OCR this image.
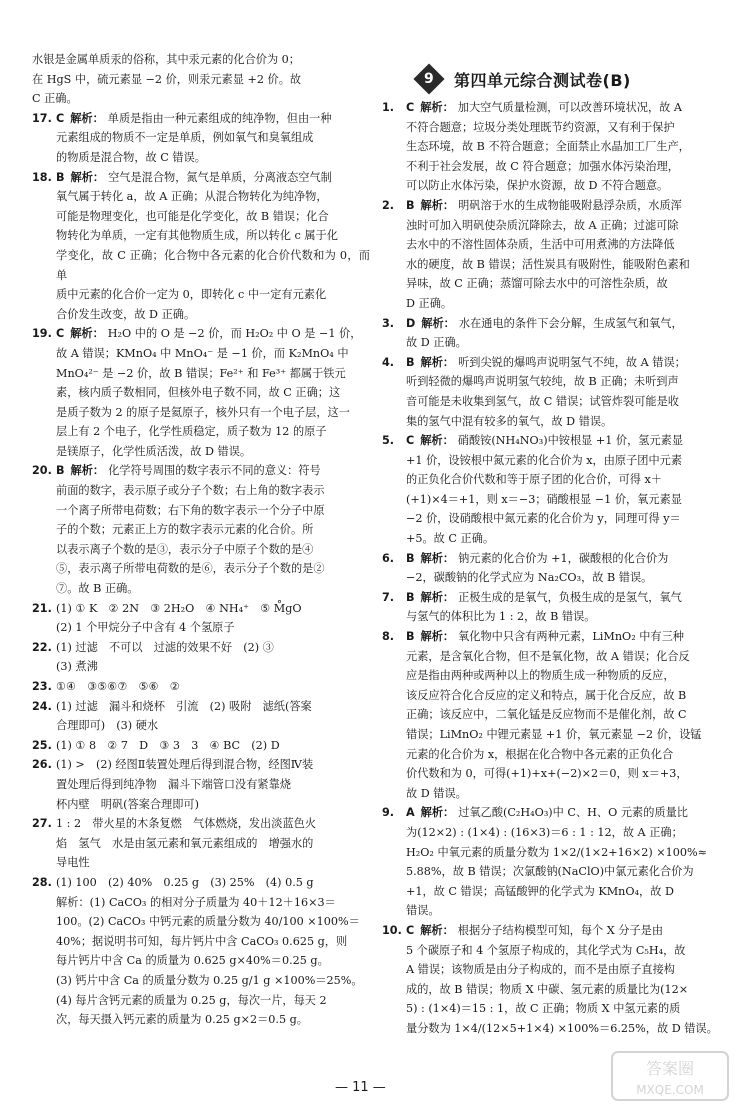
水银是金属单质汞的俗称，其中汞元素的化合价为 0；
在 HgS 中，硫元素显 −2 价，则汞元素显 +2 价。故
C 正确。
17. C 解析： 单质是指由一种元素组成的纯净物，但由一种
元素组成的物质不一定是单质，例如氧气和臭氧组成
的物质是混合物，故 C 错误。
18. B 解析： 空气是混合物，氮气是单质，分离液态空气制
氧气属于转化 a，故 A 正确；从混合物转化为纯净物，
可能是物理变化，也可能是化学变化，故 B 错误；化合
物转化为单质，一定有其他物质生成，所以转化 c 属于化
学变化，故 C 正确；化合物中各元素的化合价代数和为 0，而单
质中元素的化合价一定为 0，即转化 c 中一定有元素化
合价发生改变，故 D 正确。
19. C 解析： H₂O 中的 O 是 −2 价，而 H₂O₂ 中 O 是 −1 价，
故 A 错误；KMnO₄ 中 MnO₄⁻ 是 −1 价，而 K₂MnO₄ 中
MnO₄²⁻ 是 −2 价，故 B 错误；Fe²⁺ 和 Fe³⁺ 都属于铁元
素，核内质子数相同，但核外电子数不同，故 C 正确；这
是质子数为 2 的原子是氦原子，核外只有一个电子层，这一
层上有 2 个电子，化学性质稳定，质子数为 12 的原子
是镁原子，化学性质活泼，故 D 错误。
20. B 解析： 化学符号周围的数字表示不同的意义：符号
前面的数字，表示原子或分子个数；右上角的数字表示
一个离子所带电荷数；右下角的数字表示一个分子中原
子的个数；元素正上方的数字表示元素的化合价。所
以表示离子个数的是③，表示分子中原子个数的是④
⑤，表示离子所带电荷数的是⑥，表示分子个数的是②
⑦。故 B 正确。
21. (1) ① K　② 2N　③ 2H₂O　④ NH₄⁺　⑤ M̊gO
(2) 1 个甲烷分子中含有 4 个氢原子
22. (1) 过滤　不可以　过滤的效果不好　(2) ③
(3) 煮沸
23. ①④　③⑤⑥⑦　⑤⑥　②
24. (1) 过滤　漏斗和烧杯　引流　(2) 吸附　滤纸(答案
合理即可)　(3) 硬水
25. (1) ① 8　② 7　D　③ 3　3　④ BC　(2) D
26. (1) >　(2) 经图Ⅱ装置处理后得到混合物，经图Ⅳ装
置处理后得到纯净物　漏斗下端管口没有紧靠烧
杯内壁　明矾(答案合理即可)
27. 1 : 2　带火星的木条复燃　气体燃烧，发出淡蓝色火
焰　氢气　水是由氢元素和氧元素组成的　增强水的
导电性
28. (1) 100　(2) 40%　0.25 g　(3) 25%　(4) 0.5 g
解析：(1) CaCO₃ 的相对分子质量为 40＋12＋16×3＝
100。(2) CaCO₃ 中钙元素的质量分数为 40/100 ×100%＝
40%；据说明书可知，每片钙片中含 CaCO₃ 0.625 g，则
每片钙片中含 Ca 的质量为 0.625 g×40%＝0.25 g。
(3) 钙片中含 Ca 的质量分数为 0.25 g/1 g ×100%＝25%。
(4) 每片含钙元素的质量为 0.25 g，每次一片，每天 2
次，每天摄入钙元素的质量为 0.25 g×2＝0.5 g。
9 第四单元综合测试卷(B)
1.	C 解析： 加大空气质量检测，可以改善环境状况，故 A
不符合题意；垃圾分类处理既节约资源，又有利于保护
生态环境，故 B 不符合题意；全面禁止水晶加工厂生产，
不利于社会发展，故 C 符合题意；加强水体污染治理，
可以防止水体污染，保护水资源，故 D 不符合题意。
2.	B 解析： 明矾溶于水的生成物能吸附悬浮杂质，水质浑
浊时可加入明矾使杂质沉降除去，故 A 正确；过滤可除
去水中的不溶性固体杂质，生活中可用煮沸的方法降低
水的硬度，故 B 错误；活性炭具有吸附性，能吸附色素和
异味，故 C 正确；蒸馏可除去水中的可溶性杂质，故
D 正确。
3.	D 解析： 水在通电的条件下会分解，生成氢气和氧气，
故 D 正确。
4.	B 解析： 听到尖锐的爆鸣声说明氢气不纯，故 A 错误；
听到轻微的爆鸣声说明氢气较纯，故 B 正确；未听到声
音可能是未收集到氢气，故 C 错误；试管炸裂可能是收
集的氢气中混有较多的氧气，故 D 错误。
5.	C 解析： 硝酸铵(NH₄NO₃)中铵根显 +1 价，氢元素显
+1 价，设铵根中氮元素的化合价为 x，由原子团中元素
的正负化合价代数和等于原子团的化合价，可得 x＋
(+1)×4＝+1，则 x＝−3；硝酸根显 −1 价，氧元素显
−2 价，设硝酸根中氮元素的化合价为 y，同理可得 y＝
+5。故 C 正确。
6.	B 解析： 钠元素的化合价为 +1，碳酸根的化合价为
−2，碳酸钠的化学式应为 Na₂CO₃，故 B 错误。
7.	B 解析： 正极生成的是氧气，负极生成的是氢气，氧气
与氢气的体积比为 1 : 2，故 B 错误。
8.	B 解析： 氧化物中只含有两种元素，LiMnO₂ 中有三种
元素，是含氧化合物，但不是氧化物，故 A 错误；化合反
应是指由两种或两种以上的物质生成一种物质的反应，
该反应符合化合反应的定义和特点，属于化合反应，故 B
正确；该反应中，二氧化锰是反应物而不是催化剂，故 C
错误；LiMnO₂ 中锂元素显 +1 价，氧元素显 −2 价，设锰
元素的化合价为 x，根据在化合物中各元素的正负化合
价代数和为 0，可得(+1)+x+(−2)×2＝0，则 x＝+3，
故 D 错误。
9.	A 解析： 过氧乙酸(C₂H₄O₃)中 C、H、O 元素的质量比
为(12×2) : (1×4) : (16×3)＝6 : 1 : 12，故 A 正确；
H₂O₂ 中氧元素的质量分数为 1×2/(1×2+16×2) ×100%≈
5.88%，故 B 错误；次氯酸钠(NaClO)中氯元素化合价为
+1，故 C 错误；高锰酸钾的化学式为 KMnO₄，故 D
错误。
10. C 解析： 根据分子结构模型可知，每个 X 分子是由
5 个碳原子和 4 个氢原子构成的，其化学式为 C₅H₄，故
A 错误；该物质是由分子构成的，而不是由原子直接构
成的，故 B 错误；物质 X 中碳、氢元素的质量比为(12×
5) : (1×4)＝15 : 1，故 C 正确；物质 X 中氢元素的质
量分数为 1×4/(12×5+1×4) ×100%＝6.25%，故 D 错误。
— 11 —
答案圈
MXQE.COM
